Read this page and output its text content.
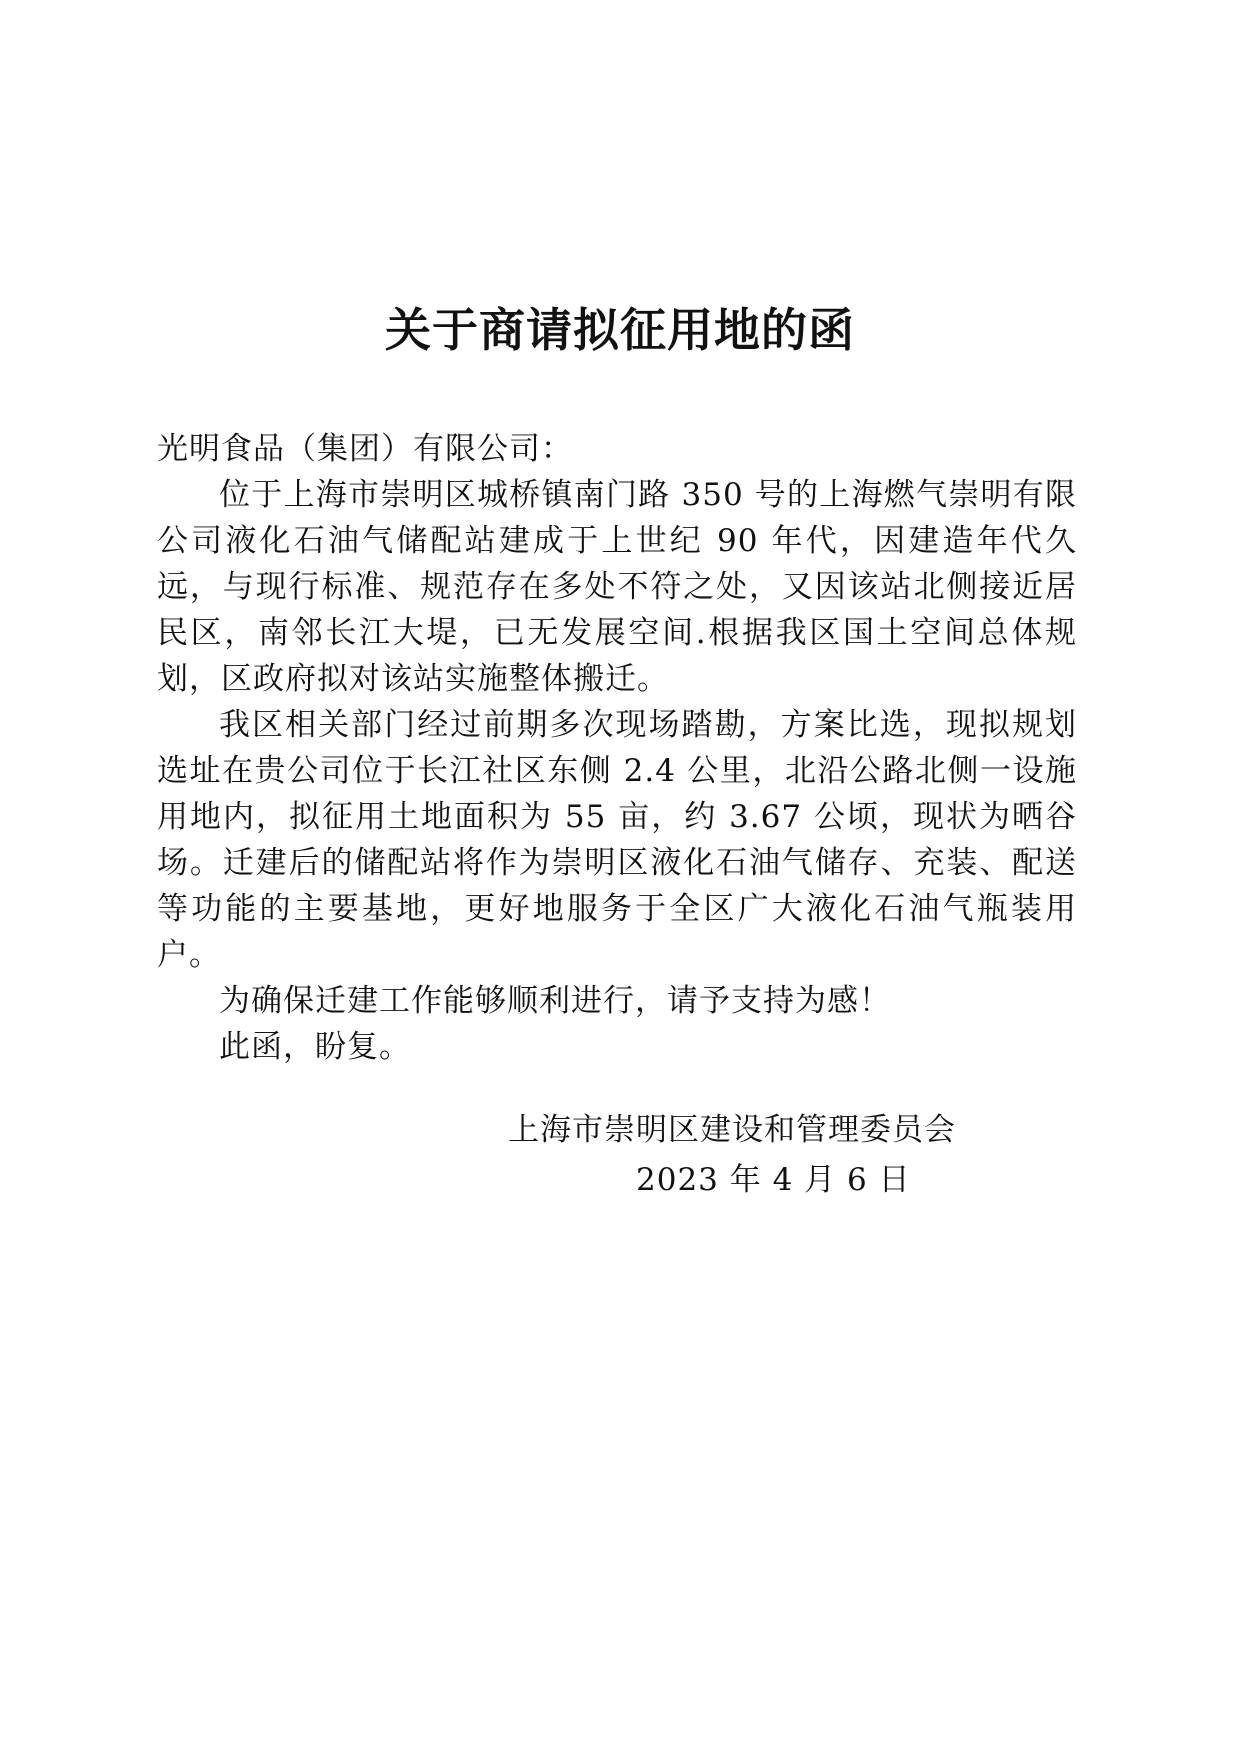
关于商请拟征用地的函

光明食品（集团）有限公司：

位于上海市崇明区城桥镇南门路 350 号的上海燃气崇明有限公司液化石油气储配站建成于上世纪 90 年代，因建造年代久远，与现行标准、规范存在多处不符之处，又因该站北侧接近居民区，南邻长江大堤，已无发展空间.根据我区国土空间总体规划，区政府拟对该站实施整体搬迁。

我区相关部门经过前期多次现场踏勘，方案比选，现拟规划选址在贵公司位于长江社区东侧 2.4 公里，北沿公路北侧一设施用地内，拟征用土地面积为 55 亩，约 3.67 公顷，现状为晒谷场。迁建后的储配站将作为崇明区液化石油气储存、充装、配送等功能的主要基地，更好地服务于全区广大液化石油气瓶装用户。

为确保迁建工作能够顺利进行，请予支持为感！

此函，盼复。

上海市崇明区建设和管理委员会
2023 年 4 月 6 日
